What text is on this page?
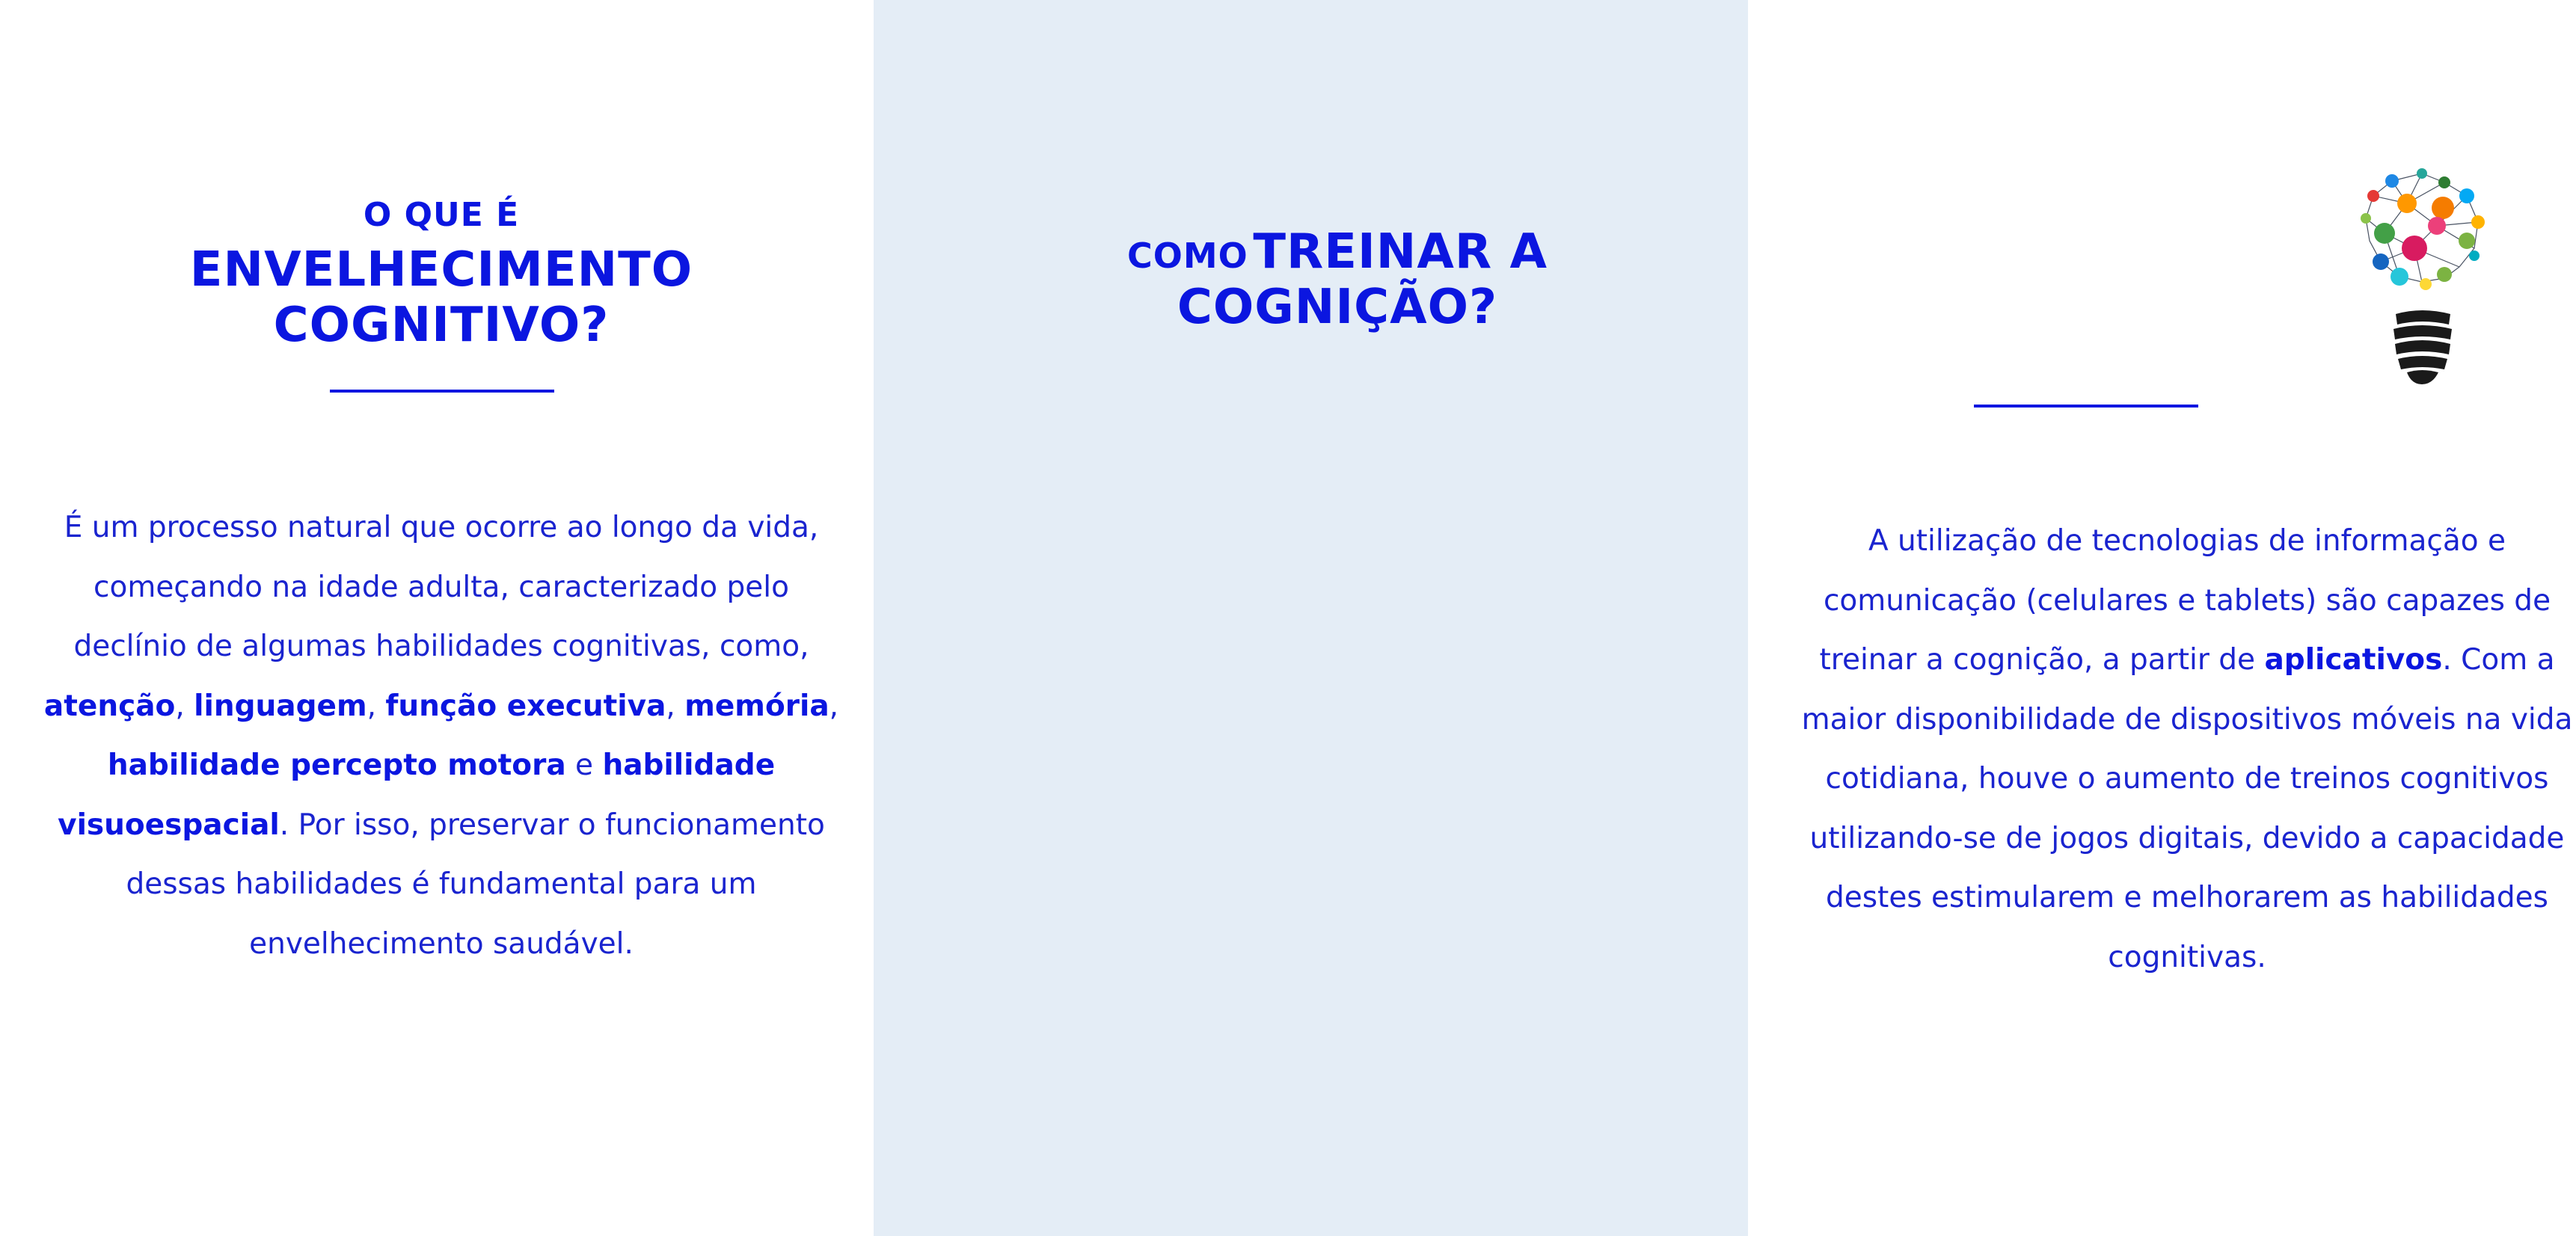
O QUE É
ENVELHECIMENTO
COGNITIVO?
É um processo natural que ocorre ao longo da vida, começando na idade adulta, caracterizado pelo declínio de algumas habilidades cognitivas, como, atenção, linguagem, função executiva, memória, habilidade percepto motora e habilidade visuoespacial. Por isso, preservar o funcionamento dessas habilidades é fundamental para um envelhecimento saudável.
COMO TREINAR A
COGNIÇÃO?
A utilização de tecnologias de informação e comunicação (celulares e tablets) são capazes de treinar a cognição, a partir de aplicativos. Com a maior disponibilidade de dispositivos móveis na vida cotidiana, houve o aumento de treinos cognitivos utilizando-se de jogos digitais, devido a capacidade destes estimularem e melhorarem as habilidades cognitivas.
